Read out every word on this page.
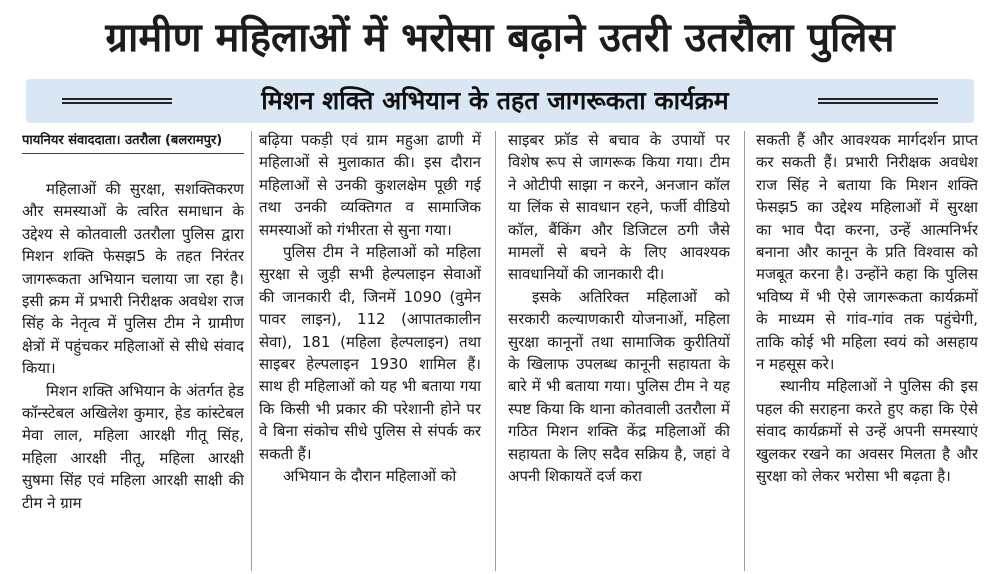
ग्रामीण महिलाओं में भरोसा बढ़ाने उतरी उतरौला पुलिस
मिशन शक्ति अभियान के तहत जागरूकता कार्यक्रम
पायनियर संवाददाता। उतरौला (बलरामपुर)

महिलाओं की सुरक्षा, सशक्तिकरण और समस्याओं के त्वरित समाधान के उद्देश्य से कोतवाली उतरौला पुलिस द्वारा मिशन शक्ति फेसझ5 के तहत निरंतर जागरूकता अभियान चलाया जा रहा है। इसी क्रम में प्रभारी निरीक्षक अवधेश राज सिंह के नेतृत्व में पुलिस टीम ने ग्रामीण क्षेत्रों में पहुंचकर महिलाओं से सीधे संवाद किया।

मिशन शक्ति अभियान के अंतर्गत हेड कॉन्स्टेबल अखिलेश कुमार, हेड कांस्टेबल मेवा लाल, महिला आरक्षी गीतू सिंह, महिला आरक्षी नीतू, महिला आरक्षी सुषमा सिंह एवं महिला आरक्षी साक्षी की टीम ने ग्राम

बढ़िया पकड़ी एवं ग्राम महुआ ढाणी में महिलाओं से मुलाकात की। इस दौरान महिलाओं से उनकी कुशलक्षेम पूछी गई तथा उनकी व्यक्तिगत व सामाजिक समस्याओं को गंभीरता से सुना गया।

पुलिस टीम ने महिलाओं को महिला सुरक्षा से जुड़ी सभी हेल्पलाइन सेवाओं की जानकारी दी, जिनमें 1090 (वुमेन पावर लाइन), 112 (आपातकालीन सेवा), 181 (महिला हेल्पलाइन) तथा साइबर हेल्पलाइन 1930 शामिल हैं। साथ ही महिलाओं को यह भी बताया गया कि किसी भी प्रकार की परेशानी होने पर वे बिना संकोच सीधे पुलिस से संपर्क कर सकती हैं।

अभियान के दौरान महिलाओं को

साइबर फ्रॉड से बचाव के उपायों पर विशेष रूप से जागरूक किया गया। टीम ने ओटीपी साझा न करने, अनजान कॉल या लिंक से सावधान रहने, फर्जी वीडियो कॉल, बैंकिंग और डिजिटल ठगी जैसे मामलों से बचने के लिए आवश्यक सावधानियों की जानकारी दी।

इसके अतिरिक्त महिलाओं को सरकारी कल्याणकारी योजनाओं, महिला सुरक्षा कानूनों तथा सामाजिक कुरीतियों के खिलाफ उपलब्ध कानूनी सहायता के बारे में भी बताया गया। पुलिस टीम ने यह स्पष्ट किया कि थाना कोतवाली उतरौला में गठित मिशन शक्ति केंद्र महिलाओं की सहायता के लिए सदैव सक्रिय है, जहां वे अपनी शिकायतें दर्ज करा

सकती हैं और आवश्यक मार्गदर्शन प्राप्त कर सकती हैं। प्रभारी निरीक्षक अवधेश राज सिंह ने बताया कि मिशन शक्ति फेसझ5 का उद्देश्य महिलाओं में सुरक्षा का भाव पैदा करना, उन्हें आत्मनिर्भर बनाना और कानून के प्रति विश्वास को मजबूत करना है। उन्होंने कहा कि पुलिस भविष्य में भी ऐसे जागरूकता कार्यक्रमों के माध्यम से गांव-गांव तक पहुंचेगी, ताकि कोई भी महिला स्वयं को असहाय न महसूस करे।

स्थानीय महिलाओं ने पुलिस की इस पहल की सराहना करते हुए कहा कि ऐसे संवाद कार्यक्रमों से उन्हें अपनी समस्याएं खुलकर रखने का अवसर मिलता है और सुरक्षा को लेकर भरोसा भी बढ़ता है।
